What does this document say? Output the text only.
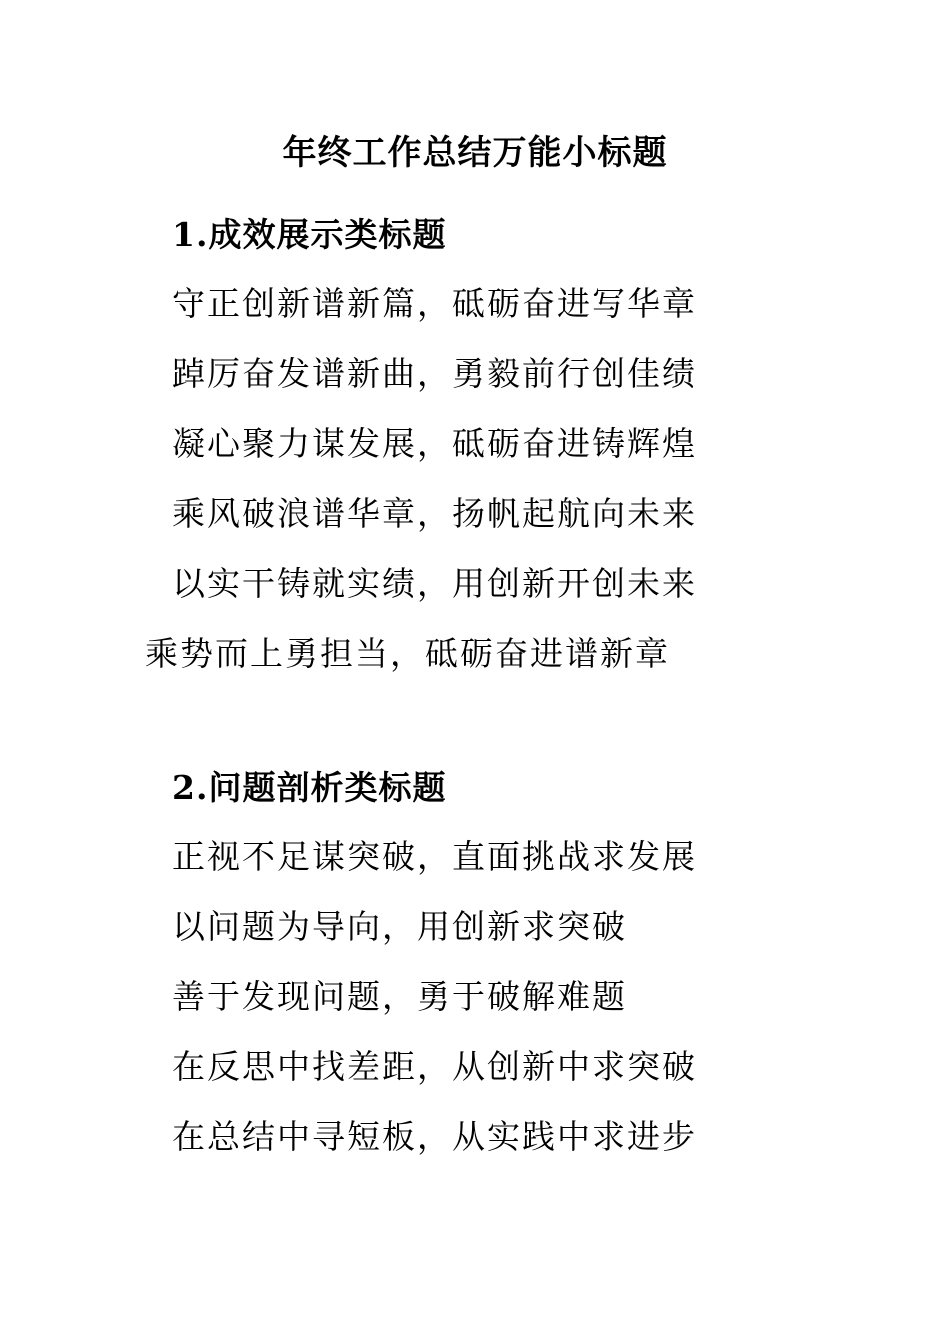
年终工作总结万能小标题
1.成效展示类标题
守正创新谱新篇，砥砺奋进写华章
踔厉奋发谱新曲，勇毅前行创佳绩
凝心聚力谋发展，砥砺奋进铸辉煌
乘风破浪谱华章，扬帆起航向未来
以实干铸就实绩，用创新开创未来
乘势而上勇担当，砥砺奋进谱新章
2.问题剖析类标题
正视不足谋突破，直面挑战求发展
以问题为导向，用创新求突破
善于发现问题，勇于破解难题
在反思中找差距，从创新中求突破
在总结中寻短板，从实践中求进步
